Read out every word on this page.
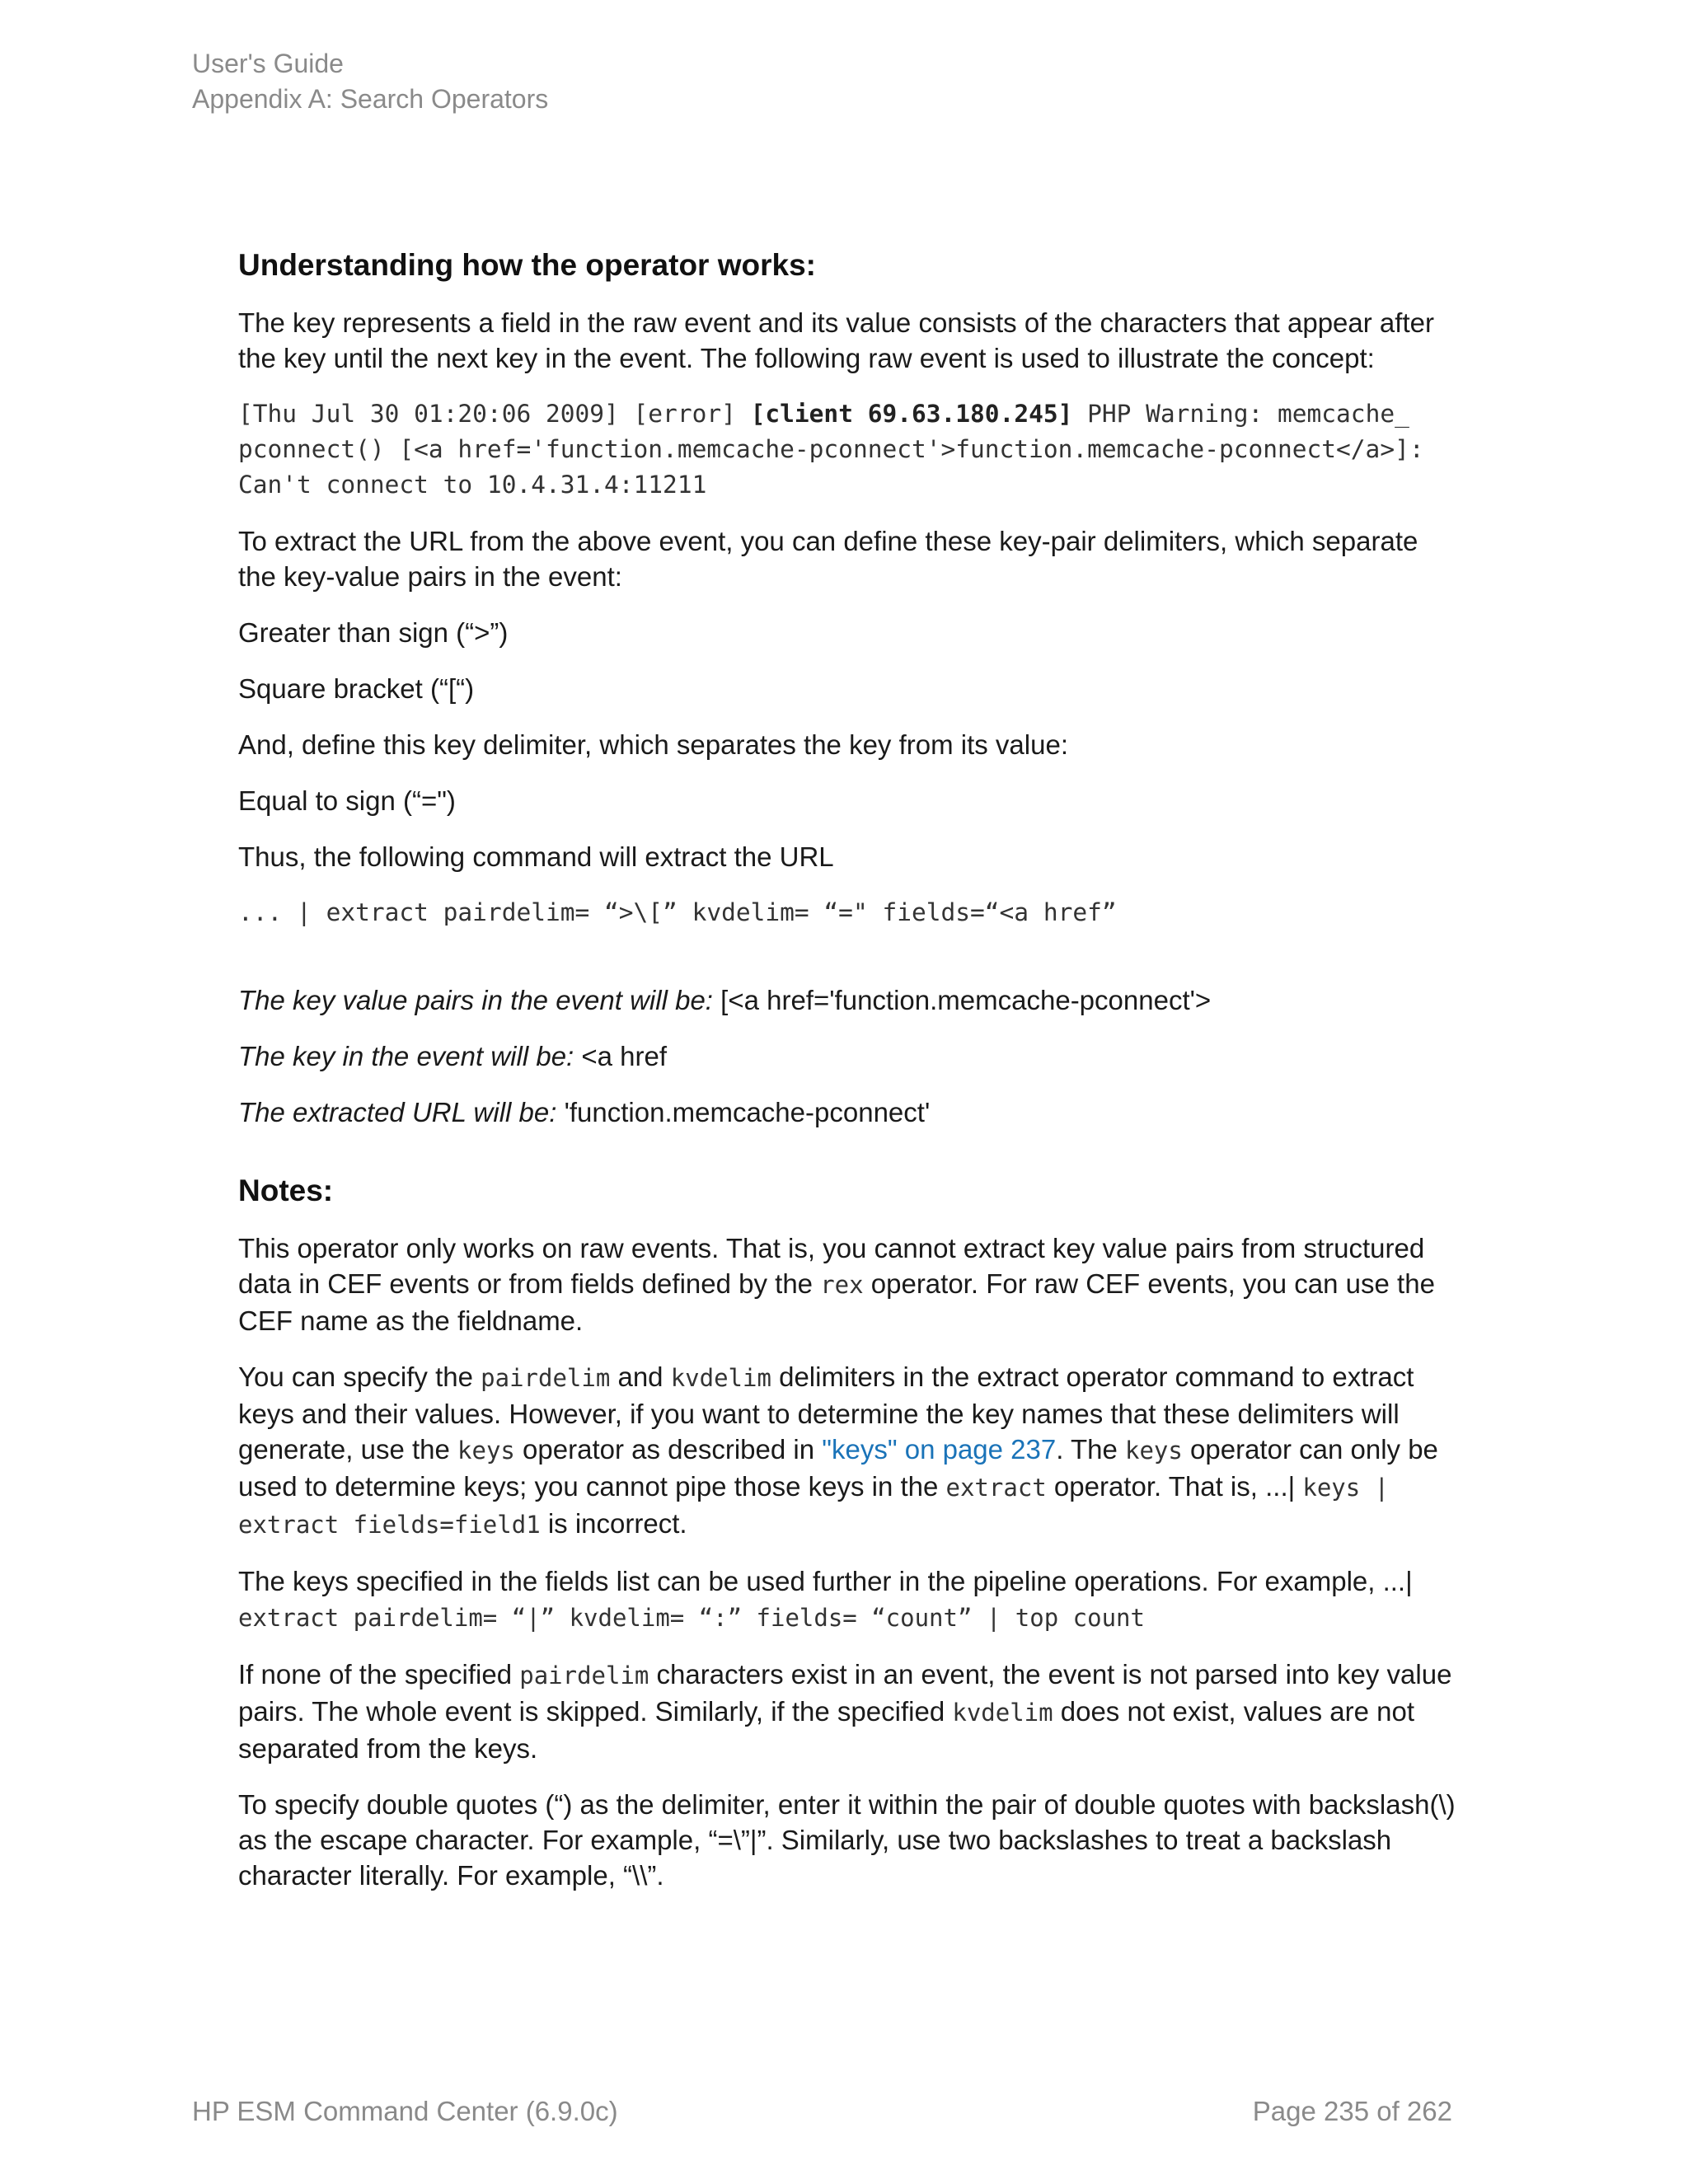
User's Guide
Appendix A: Search Operators
Understanding how the operator works:

The key represents a field in the raw event and its value consists of the characters that appear after the key until the next key in the event. The following raw event is used to illustrate the concept:

[Thu Jul 30 01:20:06 2009] [error] [client 69.63.180.245] PHP Warning: memcache_
pconnect() [<a href='function.memcache-pconnect'>function.memcache-pconnect</a>]:
Can't connect to 10.4.31.4:11211

To extract the URL from the above event, you can define these key-pair delimiters, which separate the key-value pairs in the event:

Greater than sign (“>”)

Square bracket (“[“)

And, define this key delimiter, which separates the key from its value:

Equal to sign (“=")

Thus, the following command will extract the URL

... | extract pairdelim= “>\[” kvdelim= “=" fields=“<a href”

The key value pairs in the event will be: [<a href='function.memcache-pconnect'>

The key in the event will be: <a href

The extracted URL will be: 'function.memcache-pconnect'

Notes:

This operator only works on raw events. That is, you cannot extract key value pairs from structured data in CEF events or from fields defined by the rex operator. For raw CEF events, you can use the CEF name as the fieldname.

You can specify the pairdelim and kvdelim delimiters in the extract operator command to extract keys and their values. However, if you want to determine the key names that these delimiters will generate, use the keys operator as described in "keys" on page 237. The keys operator can only be used to determine keys; you cannot pipe those keys in the extract operator. That is, ...| keys | extract fields=field1 is incorrect.

The keys specified in the fields list can be used further in the pipeline operations. For example, ...| extract pairdelim= “|” kvdelim= “:” fields= “count” | top count

If none of the specified pairdelim characters exist in an event, the event is not parsed into key value pairs. The whole event is skipped. Similarly, if the specified kvdelim does not exist, values are not separated from the keys.

To specify double quotes (“) as the delimiter, enter it within the pair of double quotes with backslash(\) as the escape character. For example, “=\”|”. Similarly, use two backslashes to treat a backslash character literally. For example, “\\”.

HP ESM Command Center (6.9.0c)	Page 235 of 262
